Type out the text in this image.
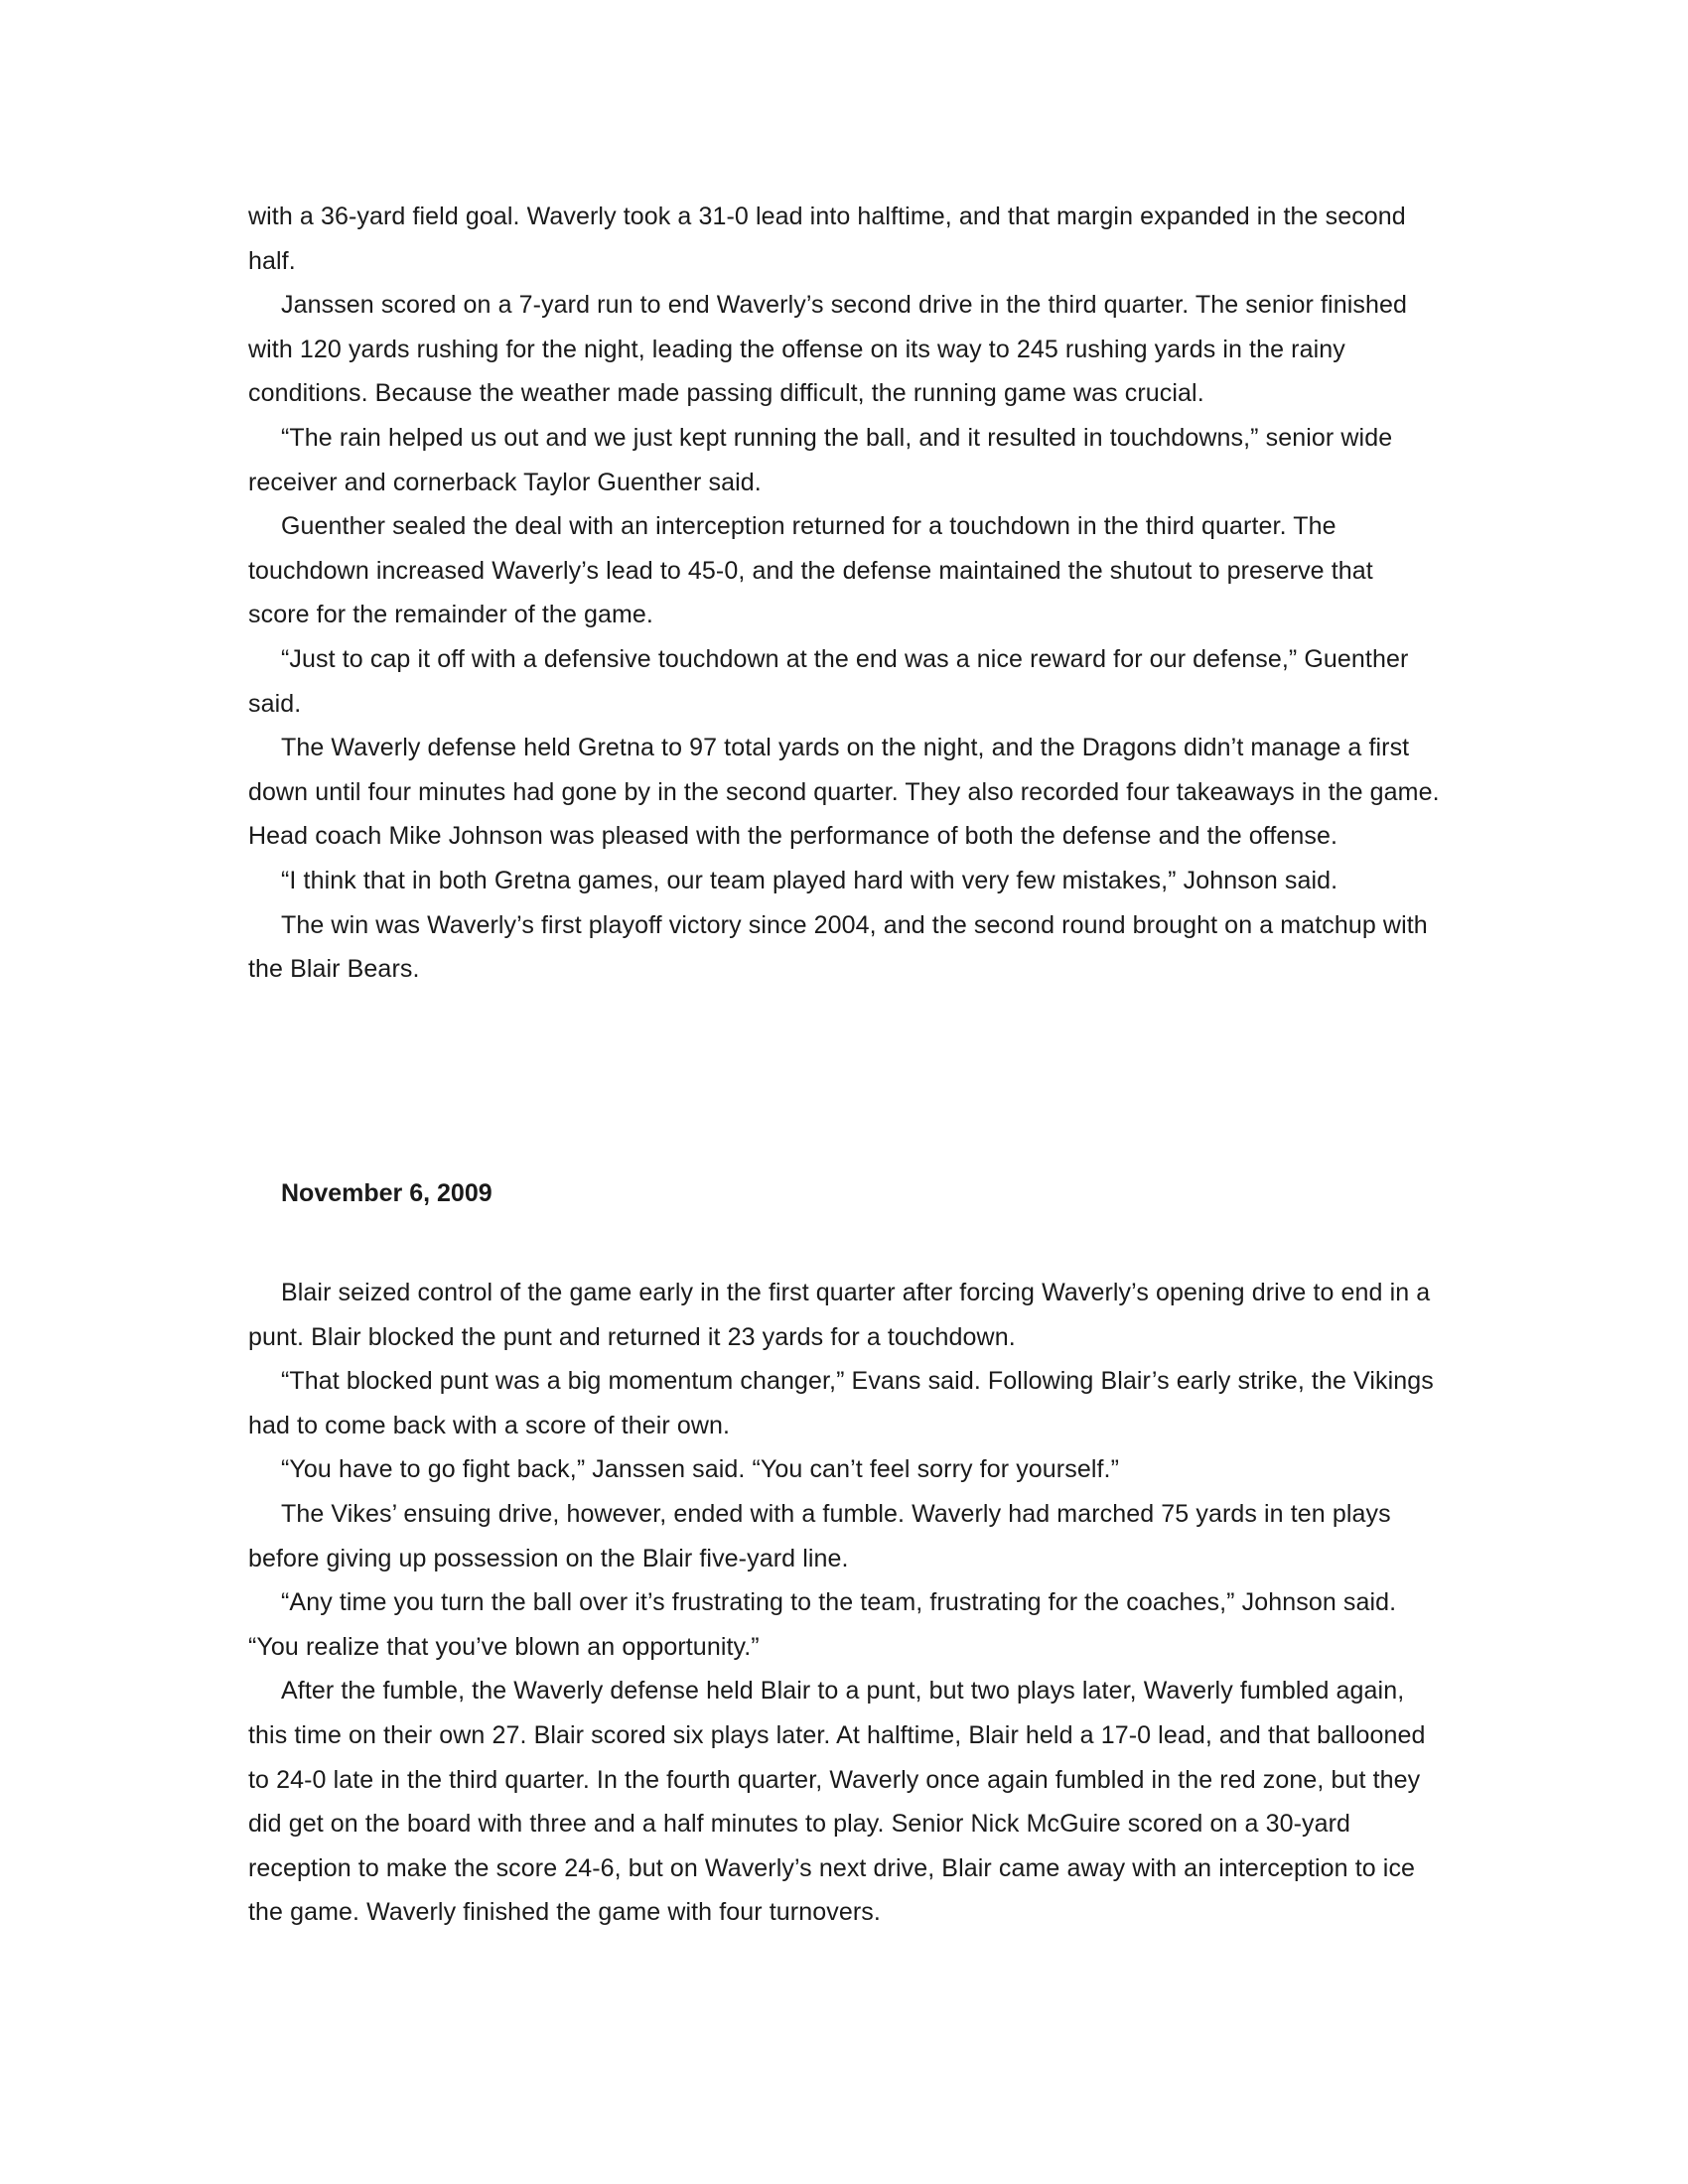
with a 36-yard field goal. Waverly took a 31-0 lead into halftime, and that margin expanded in the second half.

Janssen scored on a 7-yard run to end Waverly’s second drive in the third quarter. The senior finished with 120 yards rushing for the night, leading the offense on its way to 245 rushing yards in the rainy conditions. Because the weather made passing difficult, the running game was crucial.

“The rain helped us out and we just kept running the ball, and it resulted in touchdowns,” senior wide receiver and cornerback Taylor Guenther said.

Guenther sealed the deal with an interception returned for a touchdown in the third quarter. The touchdown increased Waverly’s lead to 45-0, and the defense maintained the shutout to preserve that score for the remainder of the game.

“Just to cap it off with a defensive touchdown at the end was a nice reward for our defense,” Guenther said.

The Waverly defense held Gretna to 97 total yards on the night, and the Dragons didn’t manage a first down until four minutes had gone by in the second quarter. They also recorded four takeaways in the game. Head coach Mike Johnson was pleased with the performance of both the defense and the offense.

“I think that in both Gretna games, our team played hard with very few mistakes,” Johnson said.

The win was Waverly’s first playoff victory since 2004, and the second round brought on a matchup with the Blair Bears.

November 6, 2009

Blair seized control of the game early in the first quarter after forcing Waverly’s opening drive to end in a punt. Blair blocked the punt and returned it 23 yards for a touchdown.

“That blocked punt was a big momentum changer,” Evans said. Following Blair’s early strike, the Vikings had to come back with a score of their own.

“You have to go fight back,” Janssen said. “You can’t feel sorry for yourself.”

The Vikes’ ensuing drive, however, ended with a fumble. Waverly had marched 75 yards in ten plays before giving up possession on the Blair five-yard line.

“Any time you turn the ball over it’s frustrating to the team, frustrating for the coaches,” Johnson said. “You realize that you’ve blown an opportunity.”

After the fumble, the Waverly defense held Blair to a punt, but two plays later, Waverly fumbled again, this time on their own 27. Blair scored six plays later. At halftime, Blair held a 17-0 lead, and that ballooned to 24-0 late in the third quarter. In the fourth quarter, Waverly once again fumbled in the red zone, but they did get on the board with three and a half minutes to play. Senior Nick McGuire scored on a 30-yard reception to make the score 24-6, but on Waverly’s next drive, Blair came away with an interception to ice the game. Waverly finished the game with four turnovers.
